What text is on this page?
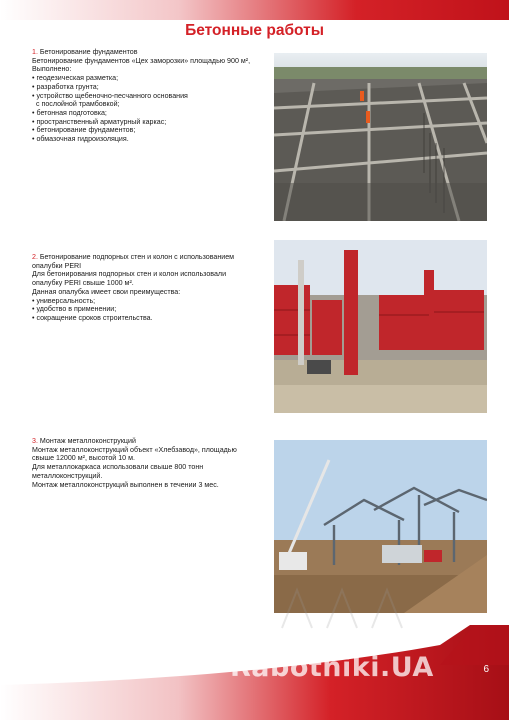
Бетонные работы
1. Бетонирование фундаментов
Бетонирование фундаментов «Цех заморозки» площадью 900 м²,
Выполнено:
• геодезическая разметка;
• разработка грунта;
• устройство щебеночно-песчанного основания
с послойной трамбовкой;
• бетонная подготовка;
• пространственный арматурный каркас;
• бетонирование фундаментов;
• обмазочная гидроизоляция.
2. Бетонирование подпорных стен и колон с использованием
опалубки PERI
Для бетонирования подпорных стен и колон использовали
опалубку PERI свыше 1000 м².
Данная опалубка имеет свои преимущества:
• универсальность;
• удобство в применении;
• сокращение сроков строительства.
3. Монтаж металлоконструкций
Монтаж металлоконструкций объект «Хлебзавод», площадью
свыше 12000 м², высотой 10 м.
Для металлокаркаса использовали свыше 800 тонн
металлоконструкций.
Монтаж металлоконструкций выполнен в течении 3 мес.
Rabotniki.UA	6
